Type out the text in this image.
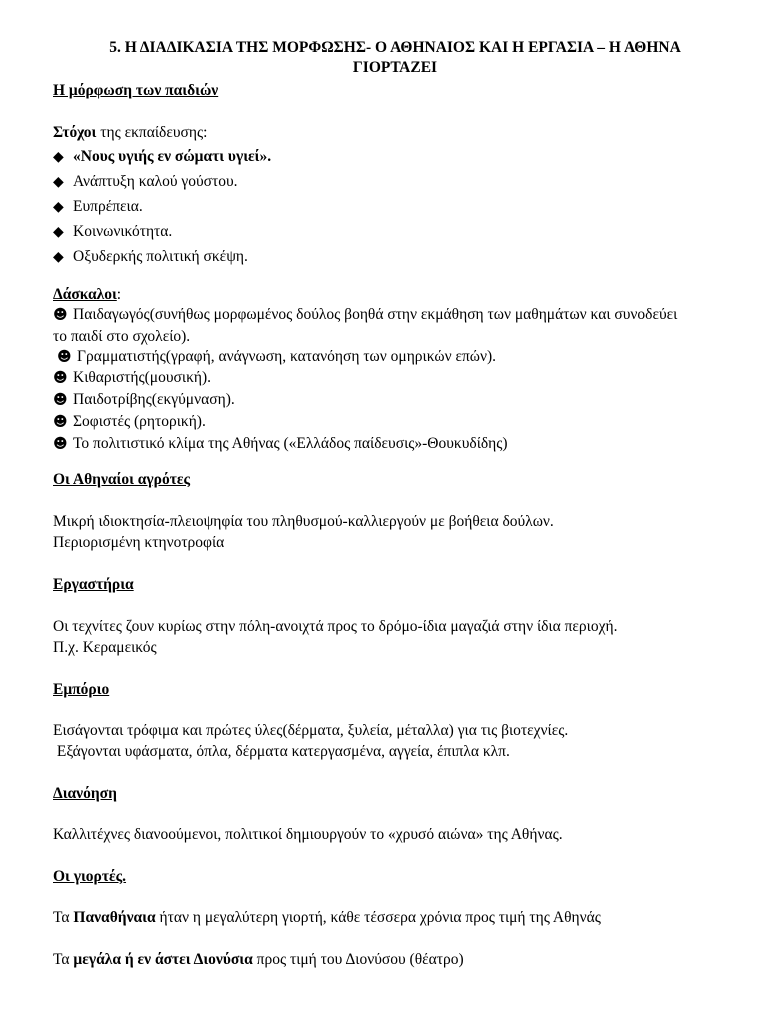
5. Η ΔΙΑΔΙΚΑΣΙΑ ΤΗΣ ΜΟΡΦΩΣΗΣ- Ο ΑΘΗΝΑΙΟΣ ΚΑΙ Η ΕΡΓΑΣΙΑ – Η ΑΘΗΝΑ
ΓΙΟΡΤΑΖΕΙ
Η μόρφωση των παιδιών
Στόχοι της εκπαίδευσης:
◆ «Νους υγιής εν σώματι υγιεί».
◆ Ανάπτυξη καλού γούστου.
◆ Ευπρέπεια.
◆ Κοινωνικότητα.
◆ Οξυδερκής πολιτική σκέψη.
Δάσκαλοι:
☻ Παιδαγωγός(συνήθως μορφωμένος δούλος βοηθά στην εκμάθηση των μαθημάτων και συνοδεύει το παιδί στο σχολείο).
☻ Γραμματιστής(γραφή, ανάγνωση, κατανόηση των ομηρικών επών).
☻ Κιθαριστής(μουσική).
☻ Παιδοτρίβης(εκγύμναση).
☻ Σοφιστές (ρητορική).
☻ Το πολιτιστικό κλίμα της Αθήνας («Ελλάδος παίδευσις»-Θουκυδίδης)
Οι Αθηναίοι αγρότες
Μικρή ιδιοκτησία-πλειοψηφία του πληθυσμού-καλλιεργούν με βοήθεια δούλων.
Περιορισμένη κτηνοτροφία
Εργαστήρια
Οι τεχνίτες ζουν κυρίως στην πόλη-ανοιχτά προς το δρόμο-ίδια μαγαζιά στην ίδια περιοχή.
Π.χ. Κεραμεικός
Εμπόριο
Εισάγονται τρόφιμα και πρώτες ύλες(δέρματα, ξυλεία, μέταλλα) για τις βιοτεχνίες.
Εξάγονται υφάσματα, όπλα, δέρματα κατεργασμένα, αγγεία, έπιπλα κλπ.
Διανόηση
Καλλιτέχνες διανοούμενοι, πολιτικοί δημιουργούν το «χρυσό αιώνα» της Αθήνας.
Οι γιορτές.
Τα Παναθήναια ήταν η μεγαλύτερη γιορτή, κάθε τέσσερα χρόνια προς τιμή της Αθηνάς
Τα μεγάλα ή εν άστει Διονύσια προς τιμή του Διονύσου (θέατρο)
